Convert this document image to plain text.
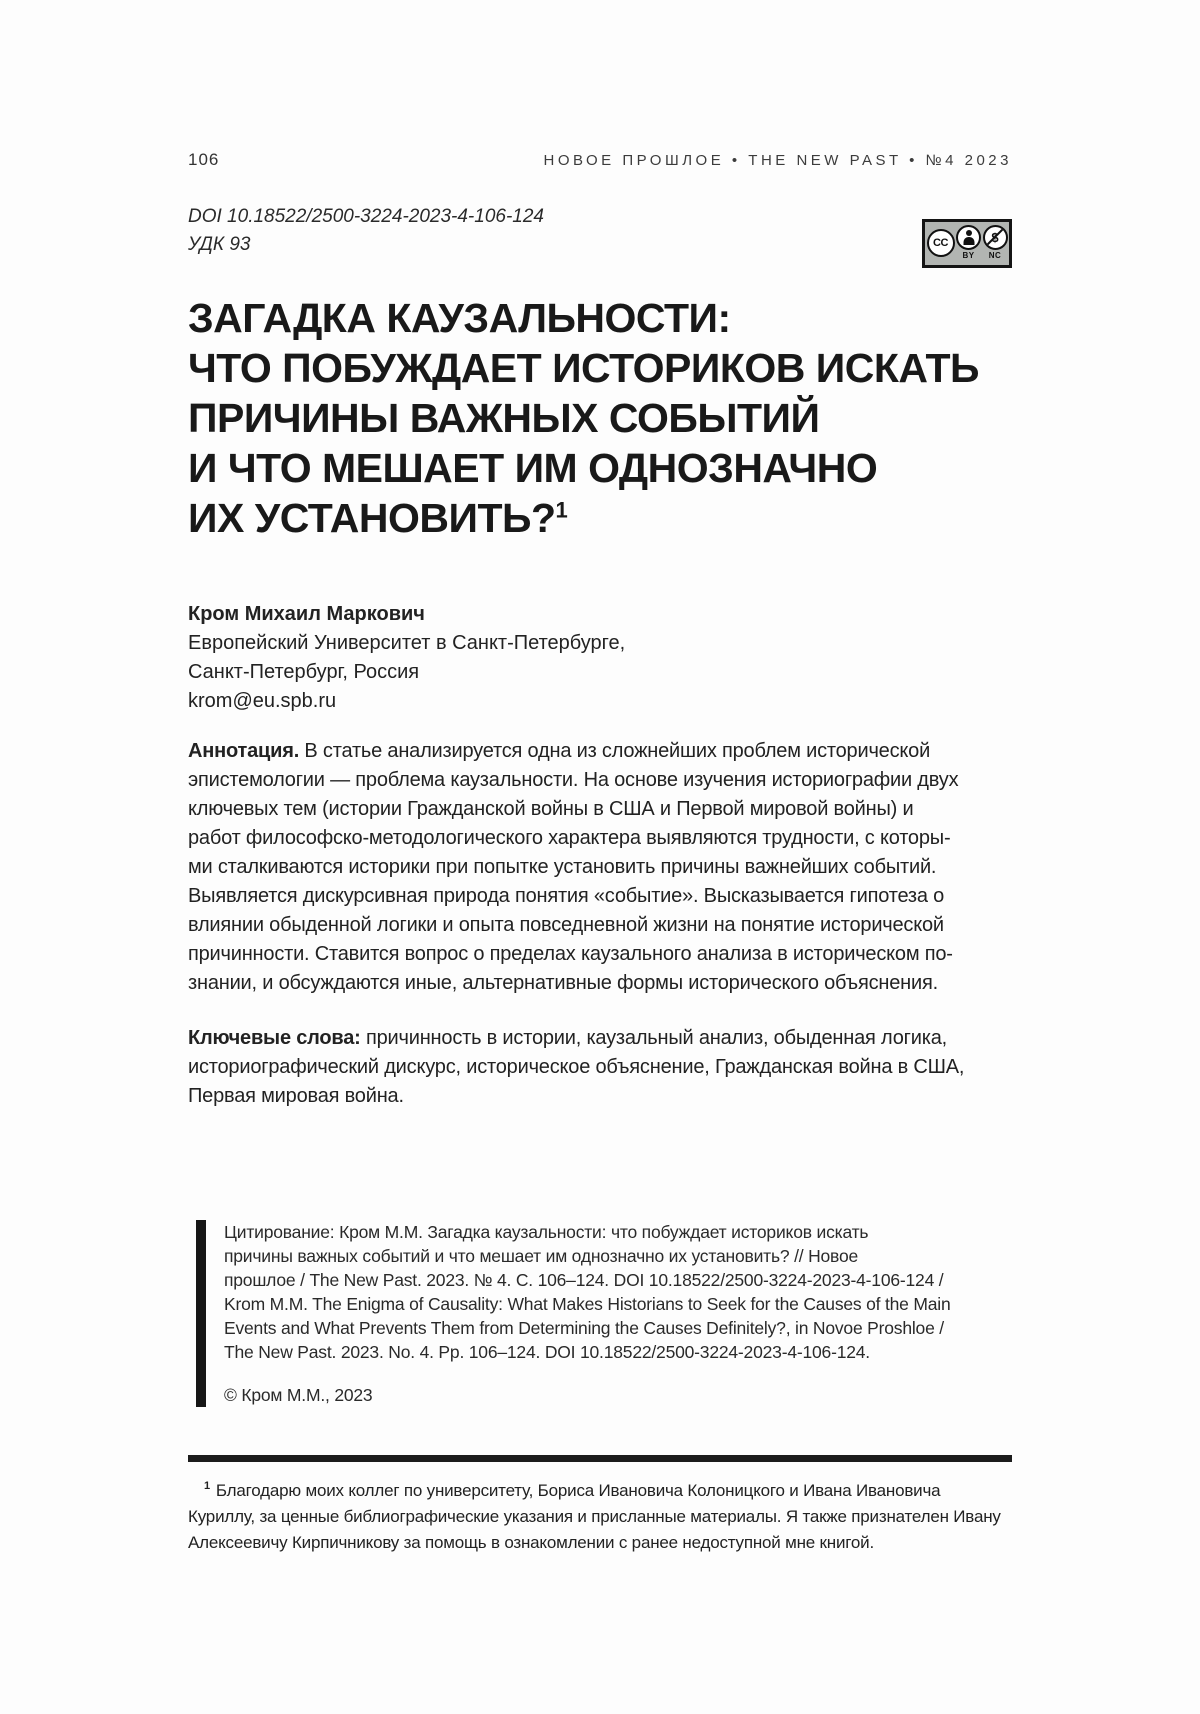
106	НОВОЕ ПРОШЛОЕ • THE NEW PAST • №4 2023
DOI 10.18522/2500-3224-2023-4-106-124
УДК 93	CC
BY
$ NC
ЗАГАДКА КАУЗАЛЬНОСТИ:
ЧТО ПОБУЖДАЕТ ИСТОРИКОВ ИСКАТЬ
ПРИЧИНЫ ВАЖНЫХ СОБЫТИЙ
И ЧТО МЕШАЕТ ИМ ОДНОЗНАЧНО
ИХ УСТАНОВИТЬ?$^1$
Кром Михаил Маркович
Европейский Университет в Санкт-Петербурге,
Санкт-Петербург, Россия
krom@eu.spb.ru
Аннотация. В статье анализируется одна из сложнейших проблем исторической
эпистемологии — проблема каузальности. На основе изучения историографии двух
ключевых тем (истории Гражданской войны в США и Первой мировой войны) и
работ философско-методологического характера выявляются трудности, с которы-
ми сталкиваются историки при попытке установить причины важнейших событий.
Выявляется дискурсивная природа понятия «событие». Высказывается гипотеза о
влиянии обыденной логики и опыта повседневной жизни на понятие исторической
причинности. Ставится вопрос о пределах каузального анализа в историческом по-
знании, и обсуждаются иные, альтернативные формы исторического объяснения.
Ключевые слова: причинность в истории, каузальный анализ, обыденная логика,
историографический дискурс, историческое объяснение, Гражданская война в США,
Первая мировая война.
Цитирование: Кром М.М. Загадка каузальности: что побуждает историков искать
причины важных событий и что мешает им однозначно их установить? // Новое
прошлое / The New Past. 2023. № 4. С. 106–124. DOI 10.18522/2500-3224-2023-4-106-124 /
Krom M.M. The Enigma of Causality: What Makes Historians to Seek for the Causes of the Main
Events and What Prevents Them from Determining the Causes Definitely?, in Novoe Proshloe /
The New Past. 2023. No. 4. Pp. 106–124. DOI 10.18522/2500-3224-2023-4-106-124.
© Кром М.М., 2023
$^1$ Благодарю моих коллег по университету, Бориса Ивановича Колоницкого и Ивана Ивановича
Куриллу, за ценные библиографические указания и присланные материалы. Я также признателен Ивану
Алексеевичу Кирпичникову за помощь в ознакомлении с ранее недоступной мне книгой.
